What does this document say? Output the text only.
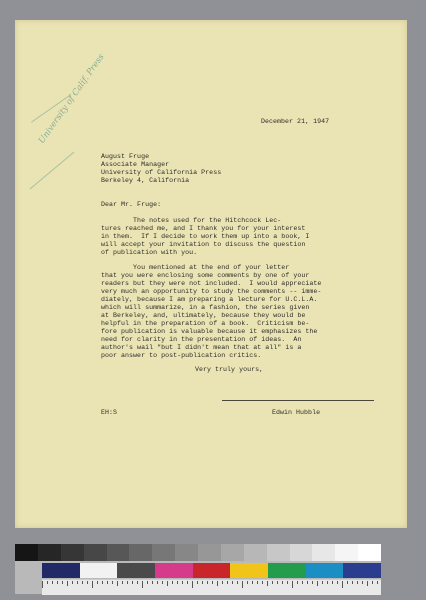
University of Calif. Press	December 21, 1947
August Fruge
Associate Manager
University of California Press
Berkeley 4, California
Dear Mr. Fruge:
The notes used for the Hitchcock Lec-
tures reached me, and I thank you for your interest
in them.  If I decide to work them up into a book, I
will accept your invitation to discuss the question
of publication with you.
You mentioned at the end of your letter
that you were enclosing some comments by one of your
readers but they were not included.  I would appreciate
very much an opportunity to study the comments -- imme-
diately, because I am preparing a lecture for U.C.L.A.
which will summarize, in a fashion, the series given
at Berkeley, and, ultimately, because they would be
helpful in the preparation of a book.  Criticism be-
fore publication is valuable because it emphasizes the
need for clarity in the presentation of ideas.  An
author's wail "but I didn't mean that at all" is a
poor answer to post-publication critics.
Very truly yours,
EH:S	Edwin Hubble
